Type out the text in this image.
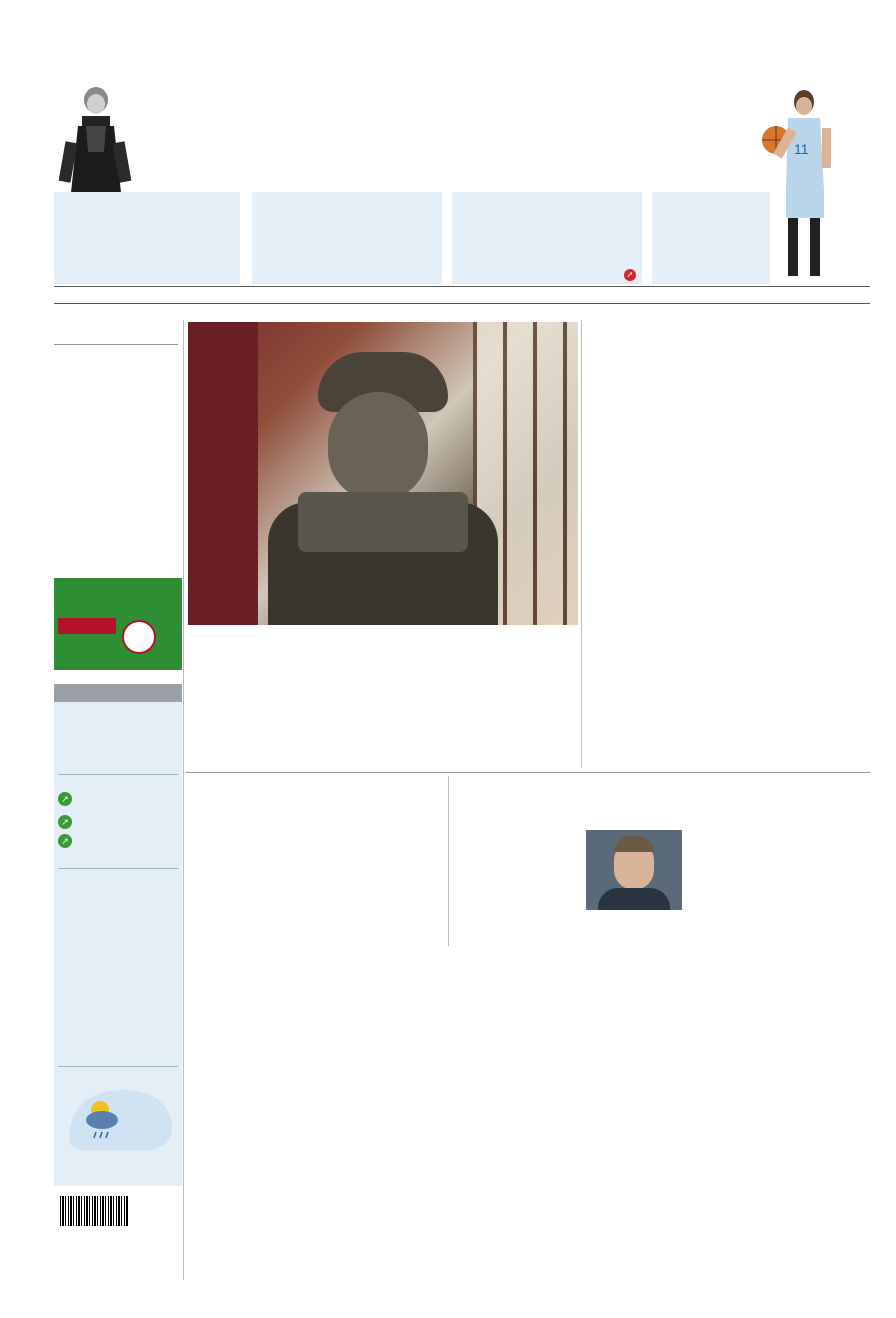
11

➚

↗
↗
↗
